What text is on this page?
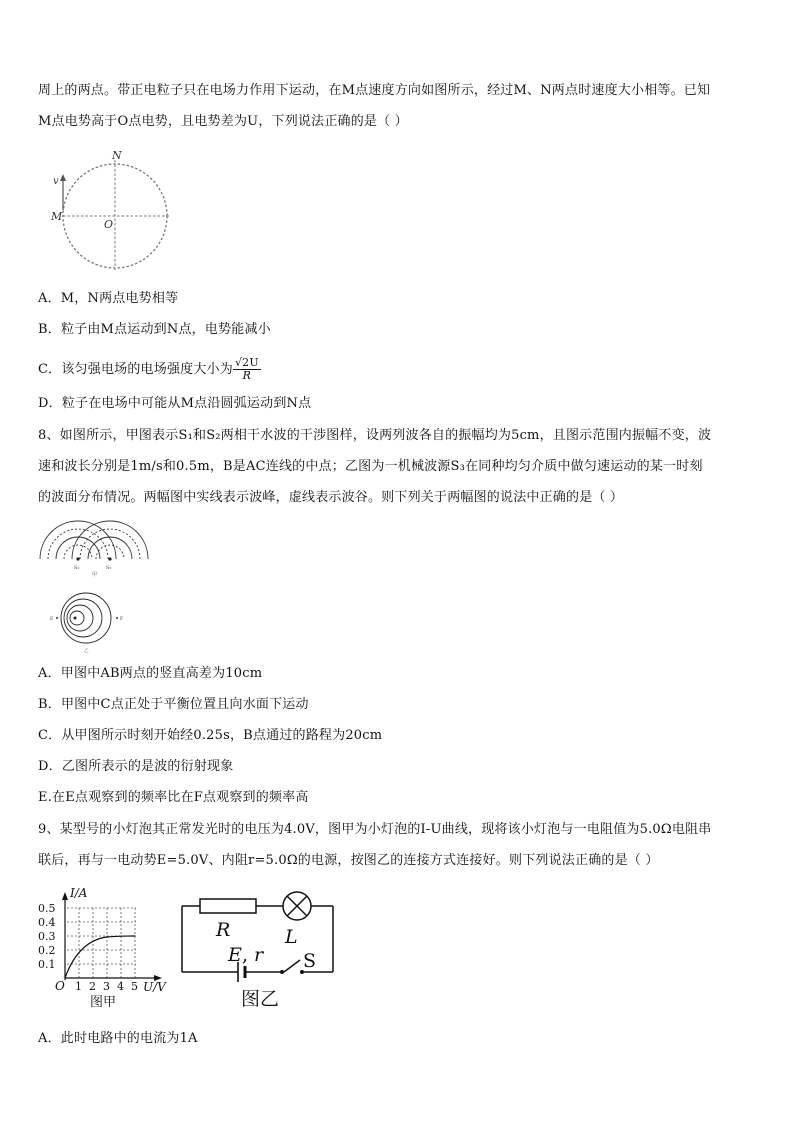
周上的两点。带正电粒子只在电场力作用下运动，在M点速度方向如图所示，经过M、N两点时速度大小相等。已知
M点电势高于O点电势，且电势差为U，下列说法正确的是（ ）
v
N
M
O
A．M，N两点电势相等
B．粒子由M点运动到N点，电势能减小
C．该匀强电场的电场强度大小为 $\frac{√2U}{R}$
D．粒子在电场中可能从M点沿圆弧运动到N点
8、如图所示，甲图表示S₁和S₂两相干水波的干涉图样，设两列波各自的振幅均为5cm，且图示范围内振幅不变，波
速和波长分别是1m/s和0.5m，B是AC连线的中点；乙图为一机械波源S₃在同种均匀介质中做匀速运动的某一时刻
的波面分布情况。两幅图中实线表示波峰，虚线表示波谷。则下列关于两幅图的说法中正确的是（ ）
S₁	S₂
甲
E	F
乙
A．甲图中AB两点的竖直高差为10cm
B．甲图中C点正处于平衡位置且向水面下运动
C．从甲图所示时刻开始经0.25s，B点通过的路程为20cm
D．乙图所表示的是波的衍射现象
E.在E点观察到的频率比在F点观察到的频率高
9、某型号的小灯泡其正常发光时的电压为4.0V，图甲为小灯泡的I-U曲线，现将该小灯泡与一电阻值为5.0Ω电阻串
联后，再与一电动势E=5.0V、内阻r=5.0Ω的电源，按图乙的连接方式连接好。则下列说法正确的是（ ）
I/A
0.5
0.4
0.3
0.2
0.1
O 1 2 3 4 5 U/V
图甲
R	L
E , r S
图乙
A．此时电路中的电流为1A
